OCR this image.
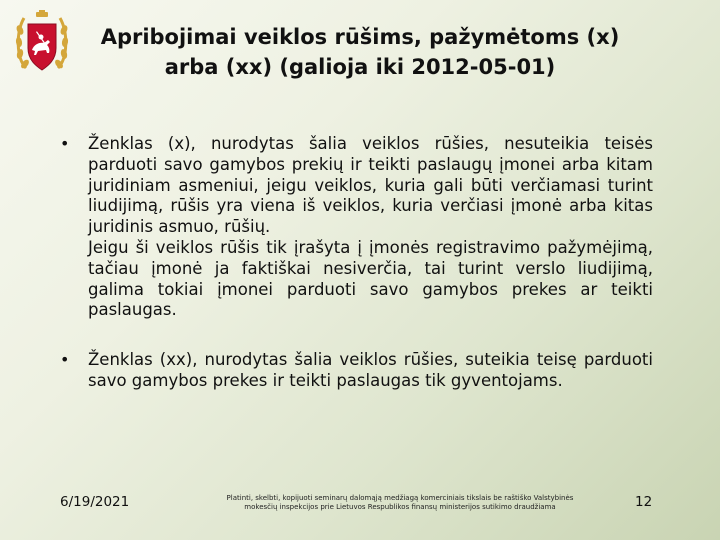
Apribojimai veiklos rūšims, pažymėtoms (x)
arba (xx) (galioja iki 2012-05-01)
• Ženklas (x), nurodytas šalia veiklos rūšies, nesuteikia teisės parduoti savo gamybos prekių ir teikti paslaugų įmonei arba kitam juridiniam asmeniui, jeigu veiklos, kuria gali būti verčiamasi turint liudijimą, rūšis yra viena iš veiklos, kuria verčiasi įmonė arba kitas juridinis asmuo, rūšių.

Jeigu ši veiklos rūšis tik įrašyta į įmonės registravimo pažymėjimą, tačiau įmonė ja faktiškai nesiverčia, tai turint verslo liudijimą, galima tokiai įmonei parduoti savo gamybos prekes ar teikti paslaugas.

• Ženklas (xx), nurodytas šalia veiklos rūšies, suteikia teisę parduoti savo gamybos prekes ir teikti paslaugas tik gyventojams.

6/19/2021	Platinti, skelbti, kopijuoti seminarų dalomąją medžiagą komerciniais tikslais be raštiško Valstybinės
mokesčių inspekcijos prie Lietuvos Respublikos finansų ministerijos sutikimo draudžiama	12
